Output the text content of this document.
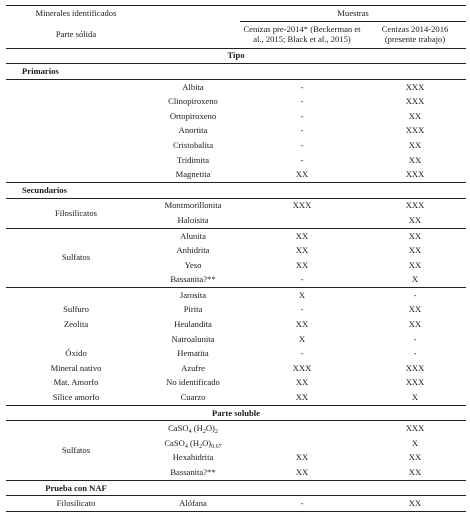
Minerales identificados		Muestras	
Parte sólida		Cenizas pre-2014* (Beckerman et al., 2015; Black et al., 2015)	Cenizas 2014-2016 (presente trabajo)
Tipo			
Primarios			
	Albita	-	XXX
	Clinopiroxeno	-	XXX
	Ortopiroxeno	-	XX
	Anortita	-	XXX
	Cristobalita	-	XX
	Tridimita	-	XX
	Magnetita	XX	XXX
Secundarios			
Filosilicatos	Montmorillonita	XXX	XXX
	Haloisita		XX
Sulfatos	Alunita	XX	XX
	Anhidrita	XX	XX
	Yeso	XX	XX
	Bassanita?**	-	X
	Jarosita	X	-
Sulfuro	Pirita	-	XX
Zeolita	Heulandita	XX	XX
	Natroalunita	X	-
Óxido	Hematita	-	-
Mineral nativo	Azufre	XXX	XXX
Mat. Amorfo	No identificado	XX	XXX
Sílice amorfo	Cuarzo	XX	X
Parte soluble			
Sulfatos	CaSO$_4$ $(H_2O)_2$		XXX
	CaSO$_4$ $(H_2O)_{0.67}$		X
	Hexahidrita	XX	XX
	Bassanita?**	XX	XX
Prueba con NAF			
Filosilicato	Alófana	-	XX
